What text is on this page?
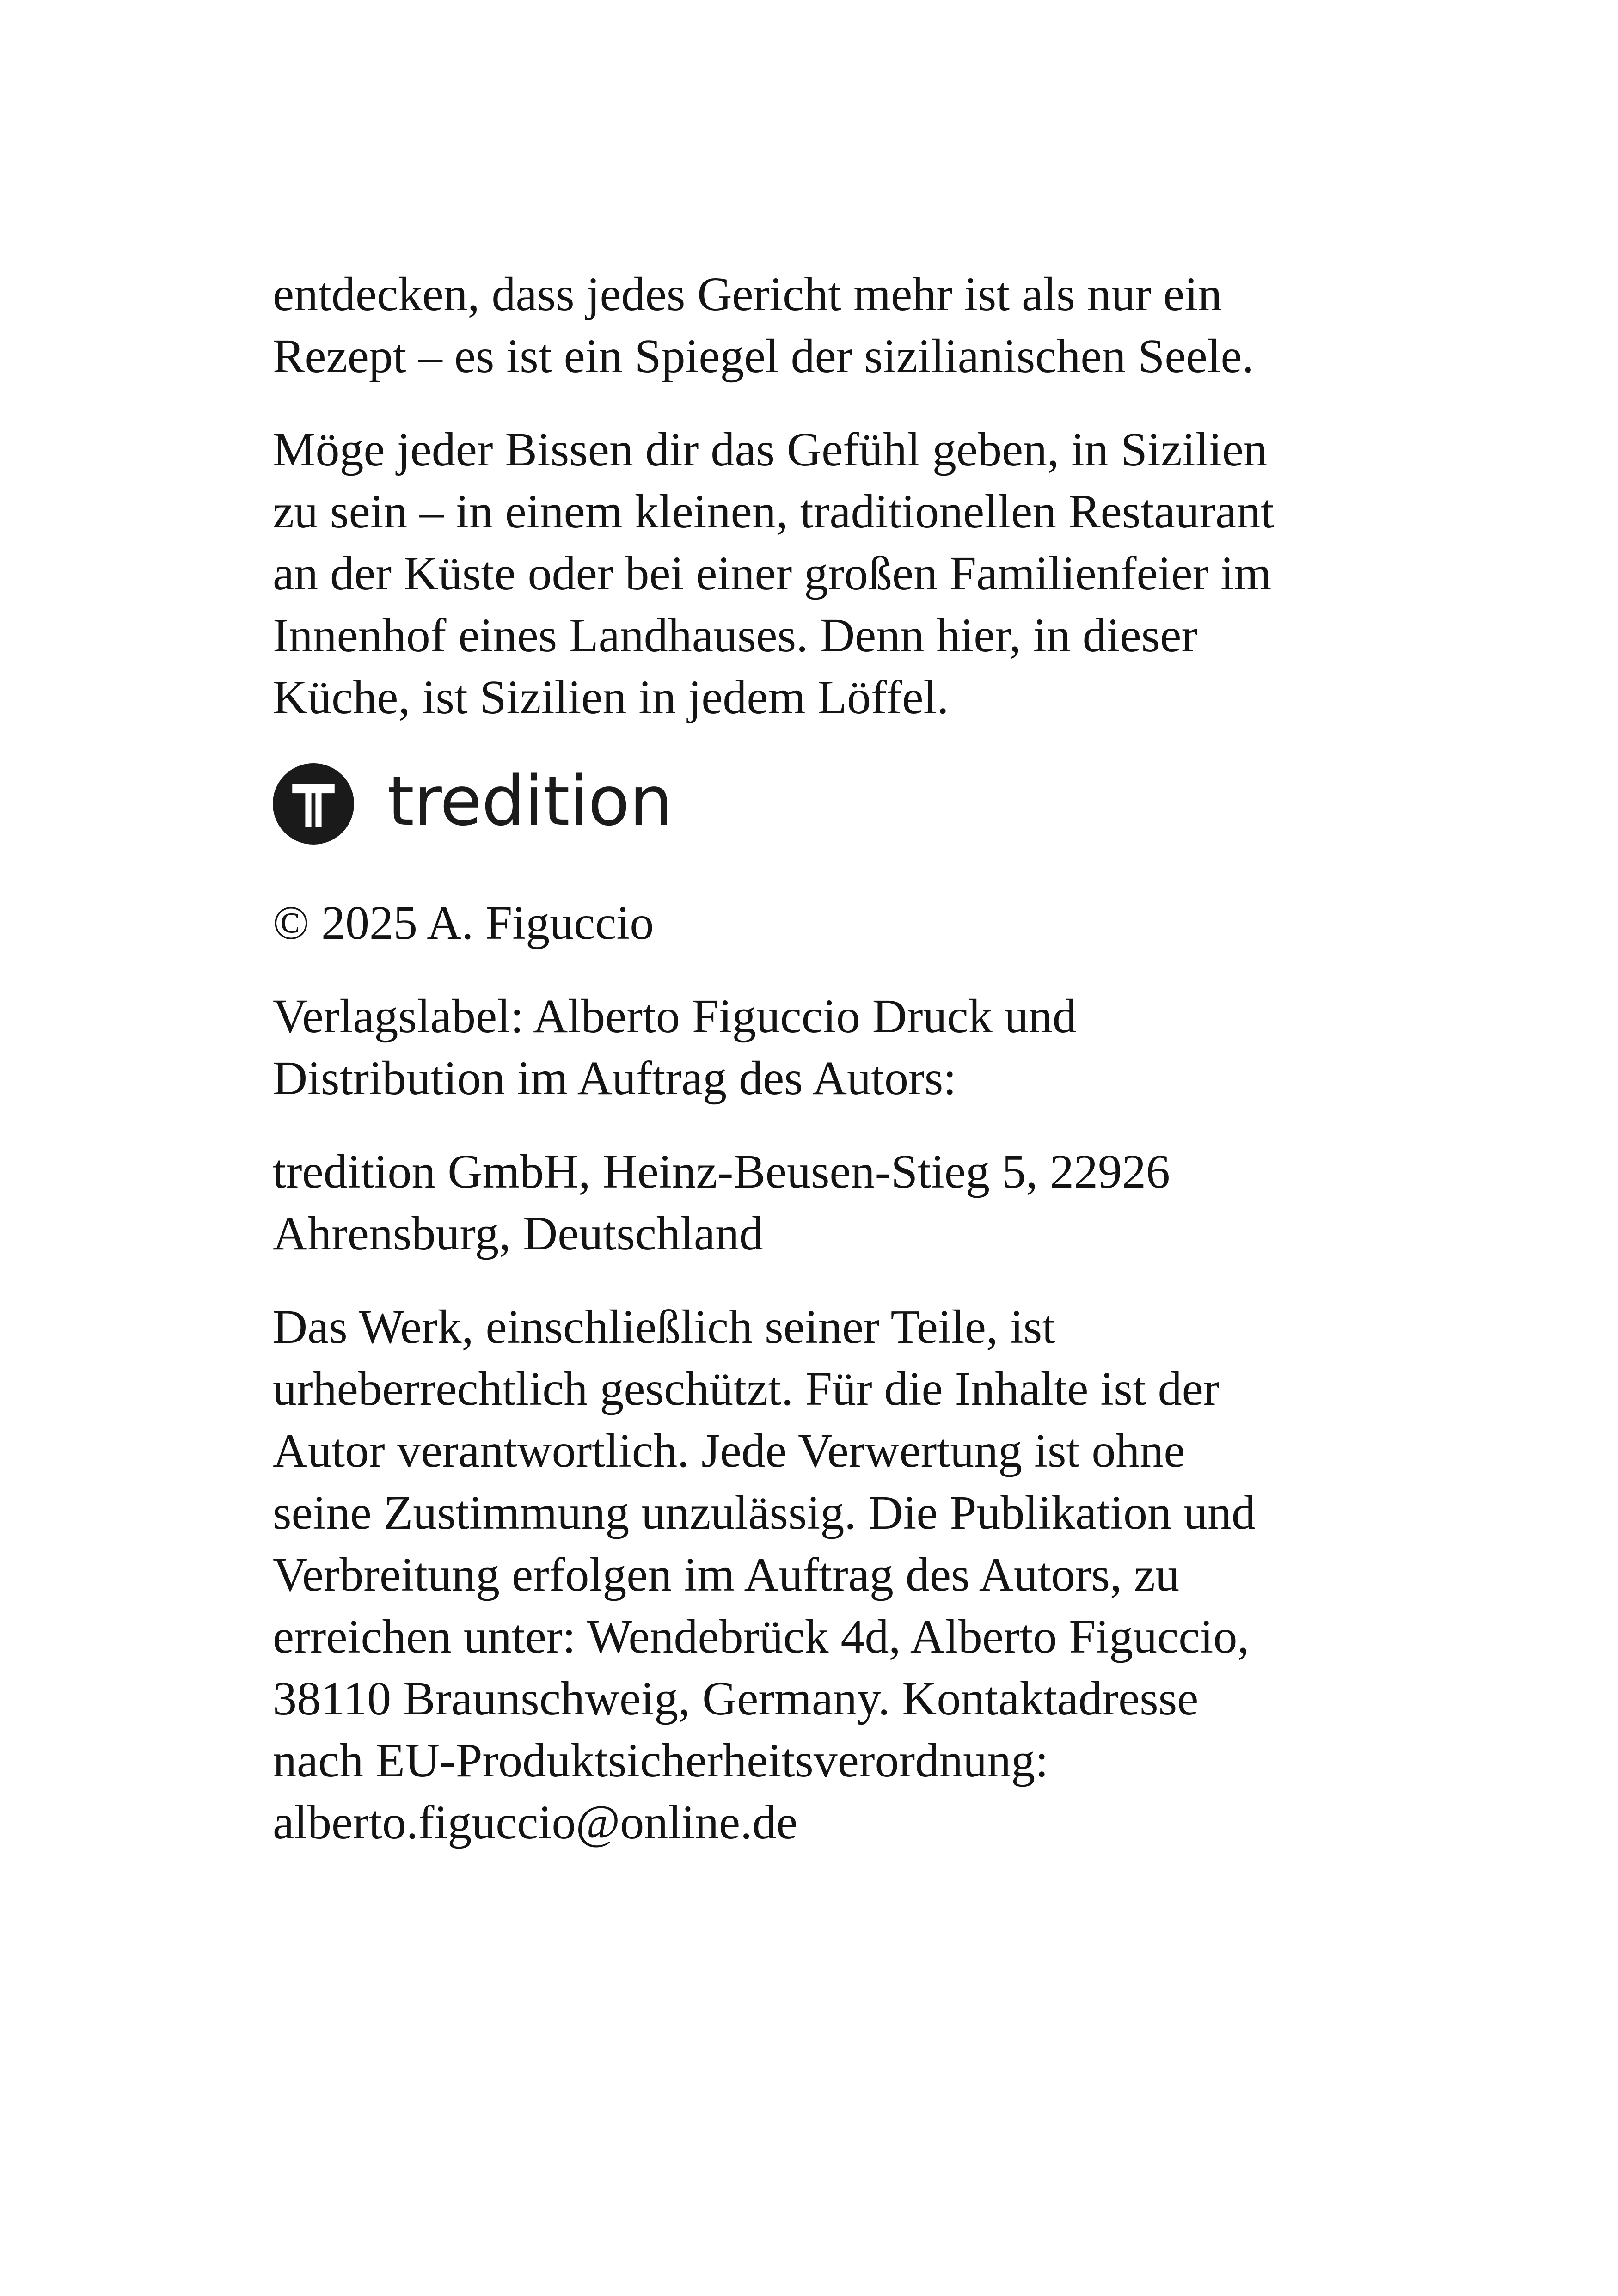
entdecken, dass jedes Gericht mehr ist als nur ein
Rezept – es ist ein Spiegel der sizilianischen Seele.

Möge jeder Bissen dir das Gefühl geben, in Sizilien
zu sein – in einem kleinen, traditionellen Restaurant
an der Küste oder bei einer großen Familienfeier im
Innenhof eines Landhauses. Denn hier, in dieser
Küche, ist Sizilien in jedem Löffel.

tredition

© 2025 A. Figuccio

Verlagslabel: Alberto Figuccio Druck und
Distribution im Auftrag des Autors:

tredition GmbH, Heinz-Beusen-Stieg 5, 22926
Ahrensburg, Deutschland

Das Werk, einschließlich seiner Teile, ist
urheberrechtlich geschützt. Für die Inhalte ist der
Autor verantwortlich. Jede Verwertung ist ohne
seine Zustimmung unzulässig. Die Publikation und
Verbreitung erfolgen im Auftrag des Autors, zu
erreichen unter: Wendebrück 4d, Alberto Figuccio,
38110 Braunschweig, Germany. Kontaktadresse
nach EU-Produktsicherheitsverordnung:
alberto.figuccio@online.de
